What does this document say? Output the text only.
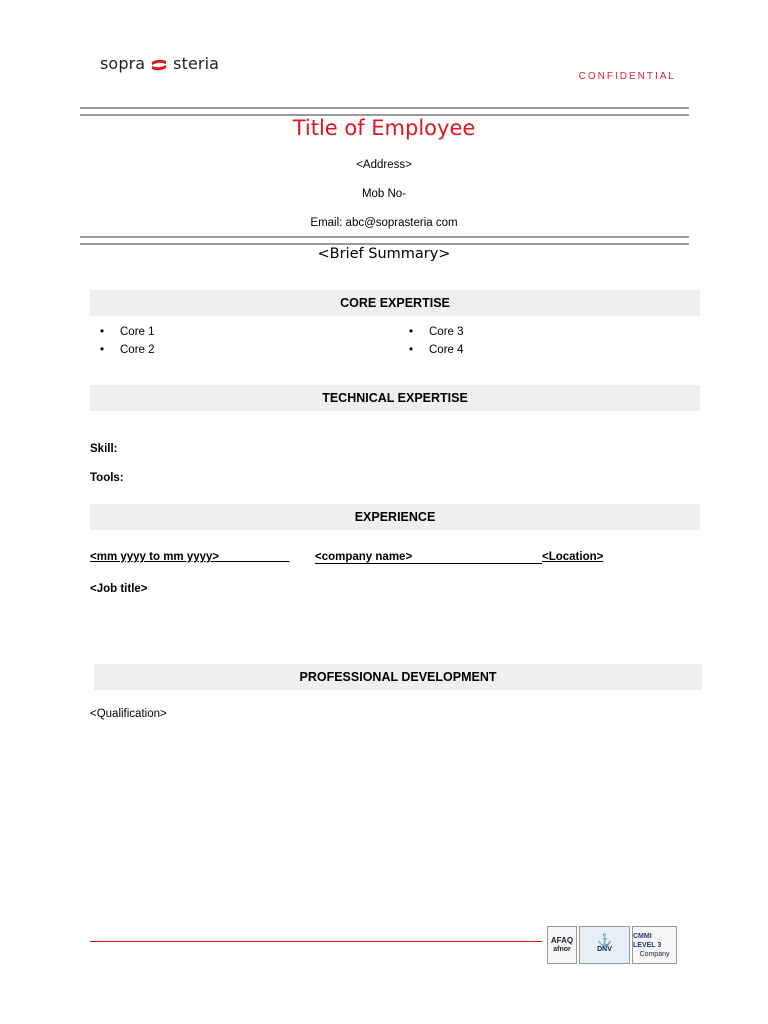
sopra steria
CONFIDENTIAL
Title of Employee
<Address>
Mob No-
Email: abc@soprasteria com
<Brief Summary>
CORE EXPERTISE
• Core 1
• Core 2
• Core 3
• Core 4
TECHNICAL EXPERTISE
Skill:
Tools:
EXPERIENCE
<mm yyyy to mm yyyy>___________ <company name>	<Location>
<Job title>
PROFESSIONAL DEVELOPMENT
<Qualification>
AFAQ
afnor
⚓
DNV
CMMI LEVEL 3
Company
